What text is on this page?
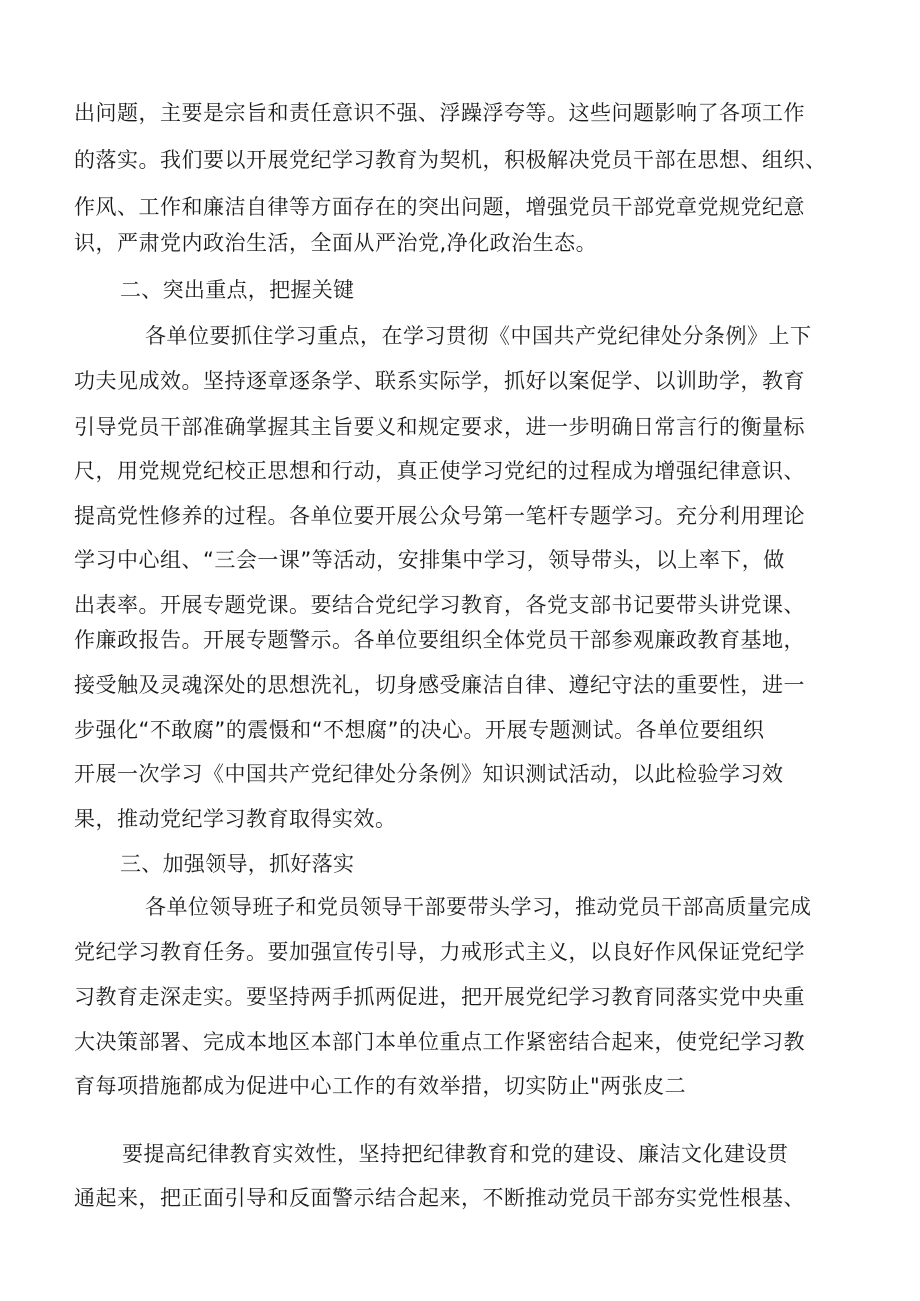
出问题，主要是宗旨和责任意识不强、浮躁浮夸等。这些问题影响了各项工作
的落实。我们要以开展党纪学习教育为契机，积极解决党员干部在思想、组织、
作风、工作和廉洁自律等方面存在的突出问题，增强党员干部党章党规党纪意
识，严肃党内政治生活，全面从严治党,净化政治生态。
二、突出重点，把握关键
各单位要抓住学习重点，在学习贯彻《中国共产党纪律处分条例》上下
功夫见成效。坚持逐章逐条学、联系实际学，抓好以案促学、以训助学，教育
引导党员干部准确掌握其主旨要义和规定要求，进一步明确日常言行的衡量标
尺，用党规党纪校正思想和行动，真正使学习党纪的过程成为增强纪律意识、
提高党性修养的过程。各单位要开展公众号第一笔杆专题学习。充分利用理论
学习中心组、“三会一课”等活动，安排集中学习，领导带头，以上率下，做
出表率。开展专题党课。要结合党纪学习教育，各党支部书记要带头讲党课、
作廉政报告。开展专题警示。各单位要组织全体党员干部参观廉政教育基地，
接受触及灵魂深处的思想洗礼，切身感受廉洁自律、遵纪守法的重要性，进一
步强化“不敢腐”的震慑和“不想腐”的决心。开展专题测试。各单位要组织
开展一次学习《中国共产党纪律处分条例》知识测试活动，以此检验学习效
果，推动党纪学习教育取得实效。
三、加强领导，抓好落实
各单位领导班子和党员领导干部要带头学习，推动党员干部高质量完成
党纪学习教育任务。要加强宣传引导，力戒形式主义，以良好作风保证党纪学
习教育走深走实。要坚持两手抓两促进，把开展党纪学习教育同落实党中央重
大决策部署、完成本地区本部门本单位重点工作紧密结合起来，使党纪学习教
育每项措施都成为促进中心工作的有效举措，切实防止"两张皮二
要提高纪律教育实效性，坚持把纪律教育和党的建设、廉洁文化建设贯
通起来，把正面引导和反面警示结合起来，不断推动党员干部夯实党性根基、
